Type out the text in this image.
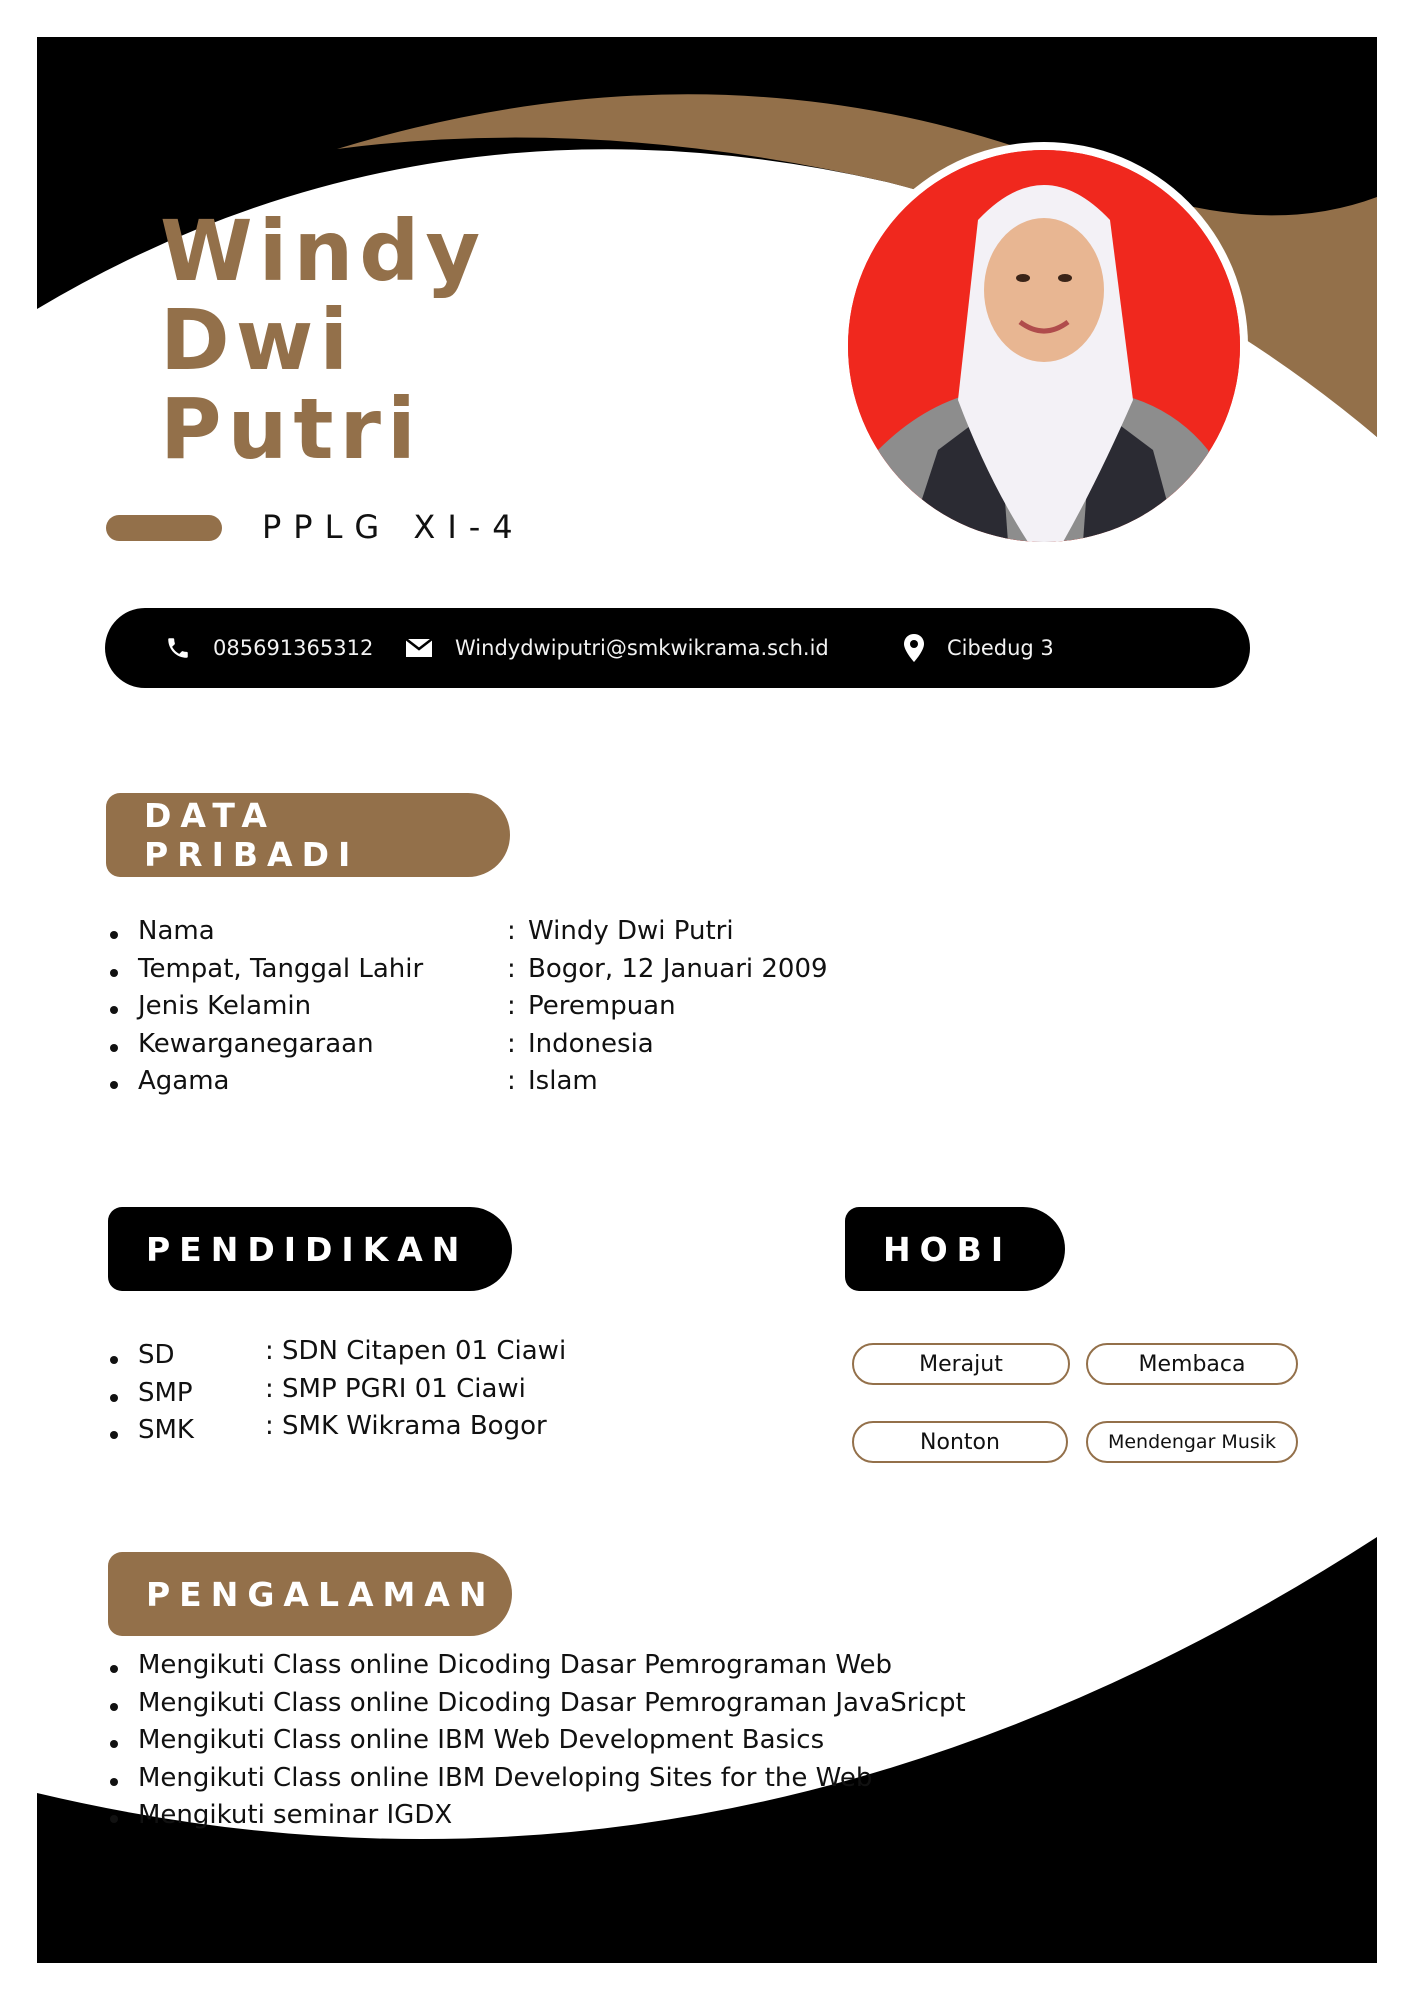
Windy
Dwi
Putri
PPLG XI-4
085691365312	Windydwiputri@smkwikrama.sch.id	Cibedug 3
DATA PRIBADI
Nama	: Windy Dwi Putri
Tempat, Tanggal Lahir	: Bogor, 12 Januari 2009
Jenis Kelamin	: Perempuan
Kewarganegaraan	: Indonesia
Agama	: Islam
PENDIDIKAN
SD	: SDN Citapen 01 Ciawi
SMP	: SMP PGRI 01 Ciawi
SMK	: SMK Wikrama Bogor
HOBI
Merajut	Membaca
Nonton	Mendengar Musik
PENGALAMAN
Mengikuti Class online Dicoding Dasar Pemrograman Web
Mengikuti Class online Dicoding Dasar Pemrograman JavaSricpt
Mengikuti Class online IBM Web Development Basics
Mengikuti Class online IBM Developing Sites for the Web
Mengikuti seminar IGDX
